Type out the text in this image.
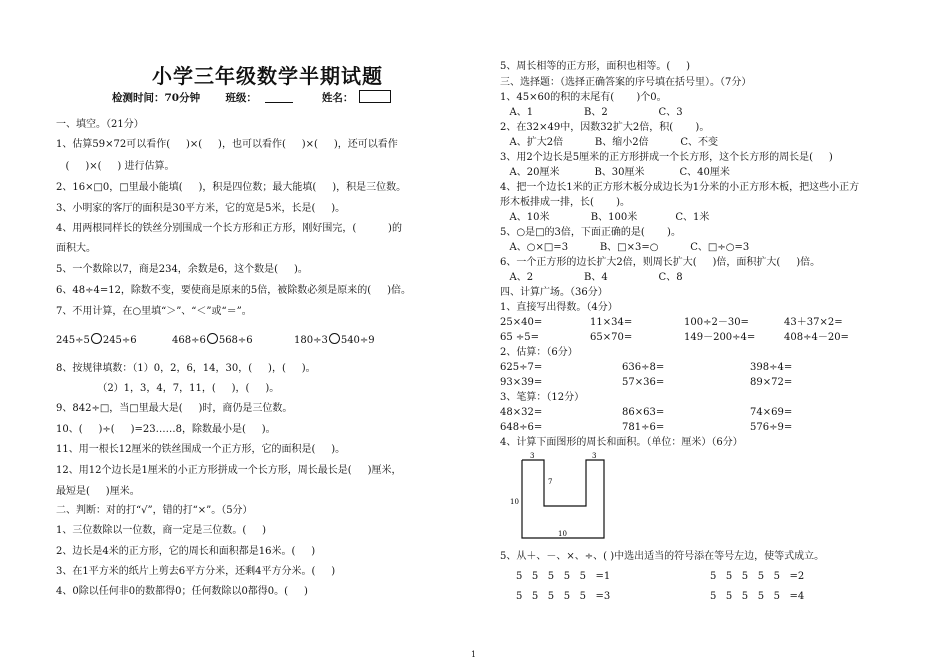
小学三年级数学半期试题
检测时间：70分钟 班级：	姓名：
一、填空。（21分）
1、估算59×72可以看作(     )×(     )，也可以看作(     )×(     )，还可以看作
(     )×(     ) 进行估算。
2、16×□0，□里最小能填(     )，积是四位数；最大能填(     )，积是三位数。
3、小明家的客厅的面积是30平方米，它的宽是5米，长是(     )。
4、用两根同样长的铁丝分别围成一个长方形和正方形，刚好围完，(          )的
面积大。
5、一个数除以7，商是234，余数是6，这个数是(     )。
6、48÷4=12，除数不变，要使商是原来的5倍，被除数必须是原来的(     )倍。
7、不用计算，在○里填“＞”、“＜”或“＝”。
245÷5 245÷6	468÷6 568÷6	180÷3 540÷9
8、按规律填数：（1）0，2，6，14，30，(     )，(     )。
（2）1，3，4，7，11，(     )，(     )。
9、842÷□，当□里最大是(     )时，商仍是三位数。
10、(     )÷(     )=23……8，除数最小是(     )。
11、用一根长12厘米的铁丝围成一个正方形，它的面积是(     )。
12、用12个边长是1厘米的小正方形拼成一个长方形，周长最长是(     )厘米，
最短是(     )厘米。
二、判断：对的打“√”，错的打“×”。（5分）
1、三位数除以一位数，商一定是三位数。(     )
2、边长是4米的正方形，它的周长和面积都是16米。(     )
3、在1平方米的纸片上剪去6平方分米，还剩4平方分米。(     )
4、0除以任何非0的数都得0；任何数除以0都得0。(     )
5、周长相等的正方形，面积也相等。(     )
三、选择题：（选择正确答案的序号填在括号里）。（7分）
1、45×60的积的末尾有(       )个0。
A、1                B、2                C、3
2、在32×49中，因数32扩大2倍，积(       )。
A、扩大2倍          B、缩小2倍          C、不变
3、用2个边长是5厘米的正方形拼成一个长方形，这个长方形的周长是(     )
A、20厘米           B、30厘米           C、40厘米
4、把一个边长1米的正方形木板分成边长为1分米的小正方形木板，把这些小正方
形木板排成一排，长(       )。
A、10米             B、100米            C、1米
5、○是□的3倍，下面正确的是(       )。
A、○×□=3          B、□×3=○          C、□÷○=3
6、一个正方形的边长扩大2倍，则周长扩大(     )倍，面积扩大(     )倍。
A、2                B、4                C、8
四、计算广场。（36分）
1、直接写出得数。（4分）
25×40=	11×34=	100÷2－30=	43＋37×2=
65 ÷5=	65×70=	149－200÷4=	408÷4－20=
2、估算：（6分）
625÷7=	636÷8=	398÷4=
93×39=	57×36=	89×72=
3、笔算：（12分）
48×32=	86×63=	74×69=
648÷6=	781÷6=	576÷9=
4、计算下面图形的周长和面积。（单位：厘米）（6分）
3	3
7
10
10
5、从＋、－、×、÷、( )中选出适当的符号添在等号左边，使等式成立。
5   5   5   5   5   =1	5   5   5   5   5   =2
5   5   5   5   5   =3	5   5   5   5   5   =4
1
